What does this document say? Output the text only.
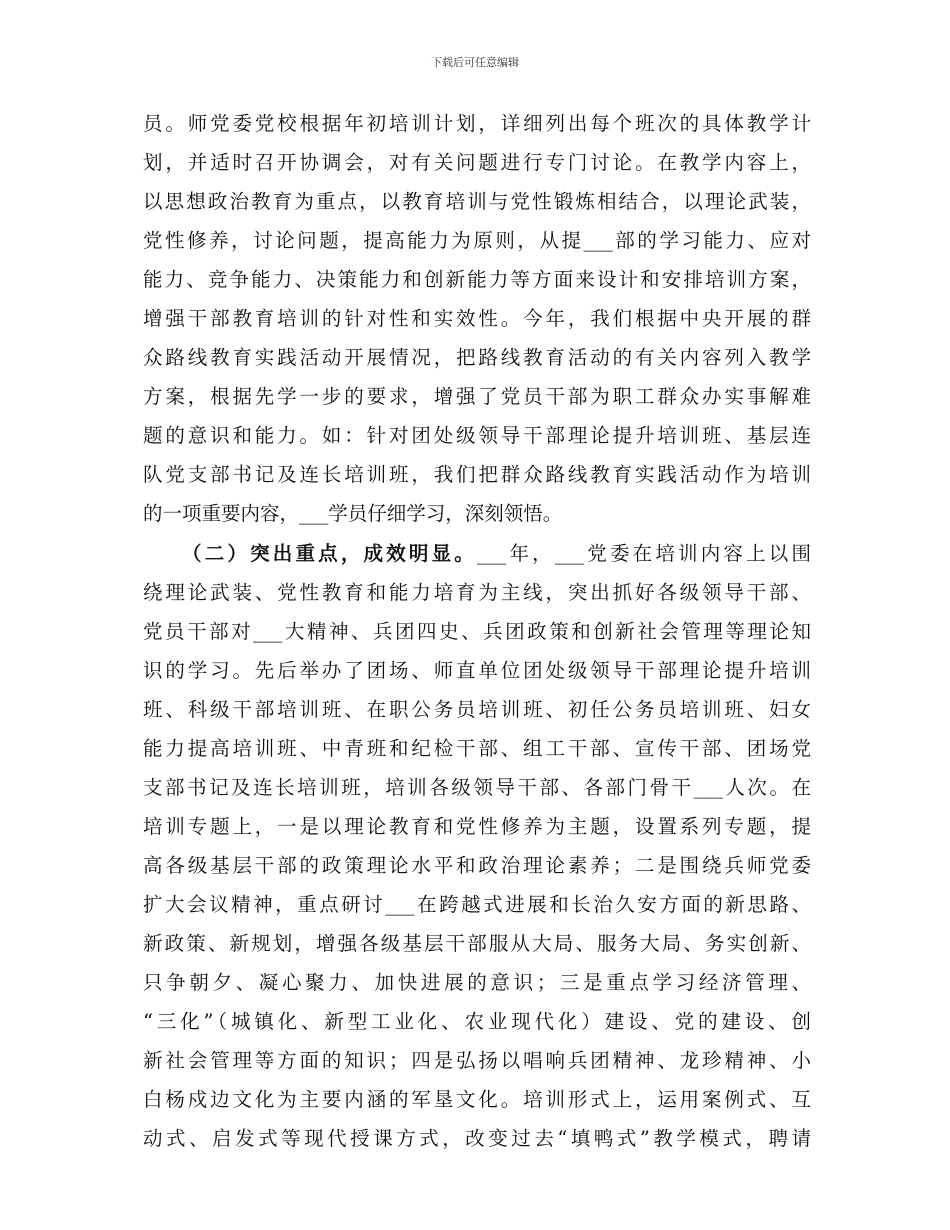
下载后可任意编辑
员。师党委党校根据年初培训计划，详细列出每个班次的具体教学计
划，并适时召开协调会，对有关问题进行专门讨论。在教学内容上，
以思想政治教育为重点，以教育培训与党性锻炼相结合，以理论武装，
党性修养，讨论问题，提高能力为原则，从提___部的学习能力、应对
能力、竞争能力、决策能力和创新能力等方面来设计和安排培训方案，
增强干部教育培训的针对性和实效性。今年，我们根据中央开展的群
众路线教育实践活动开展情况，把路线教育活动的有关内容列入教学
方案，根据先学一步的要求，增强了党员干部为职工群众办实事解难
题的意识和能力。如：针对团处级领导干部理论提升培训班、基层连
队党支部书记及连长培训班，我们把群众路线教育实践活动作为培训
的一项重要内容，___学员仔细学习，深刻领悟。
（二）突出重点，成效明显。___年，___党委在培训内容上以围
绕理论武装、党性教育和能力培育为主线，突出抓好各级领导干部、
党员干部对___大精神、兵团四史、兵团政策和创新社会管理等理论知
识的学习。先后举办了团场、师直单位团处级领导干部理论提升培训
班、科级干部培训班、在职公务员培训班、初任公务员培训班、妇女
能力提高培训班、中青班和纪检干部、组工干部、宣传干部、团场党
支部书记及连长培训班，培训各级领导干部、各部门骨干___人次。在
培训专题上，一是以理论教育和党性修养为主题，设置系列专题，提
高各级基层干部的政策理论水平和政治理论素养；二是围绕兵师党委
扩大会议精神，重点研讨___在跨越式进展和长治久安方面的新思路、
新政策、新规划，增强各级基层干部服从大局、服务大局、务实创新、
只争朝夕、凝心聚力、加快进展的意识；三是重点学习经济管理、
“三化”（城镇化、新型工业化、农业现代化）建设、党的建设、创
新社会管理等方面的知识；四是弘扬以唱响兵团精神、龙珍精神、小
白杨戍边文化为主要内涵的军垦文化。培训形式上，运用案例式、互
动式、启发式等现代授课方式，改变过去“填鸭式”教学模式，聘请
